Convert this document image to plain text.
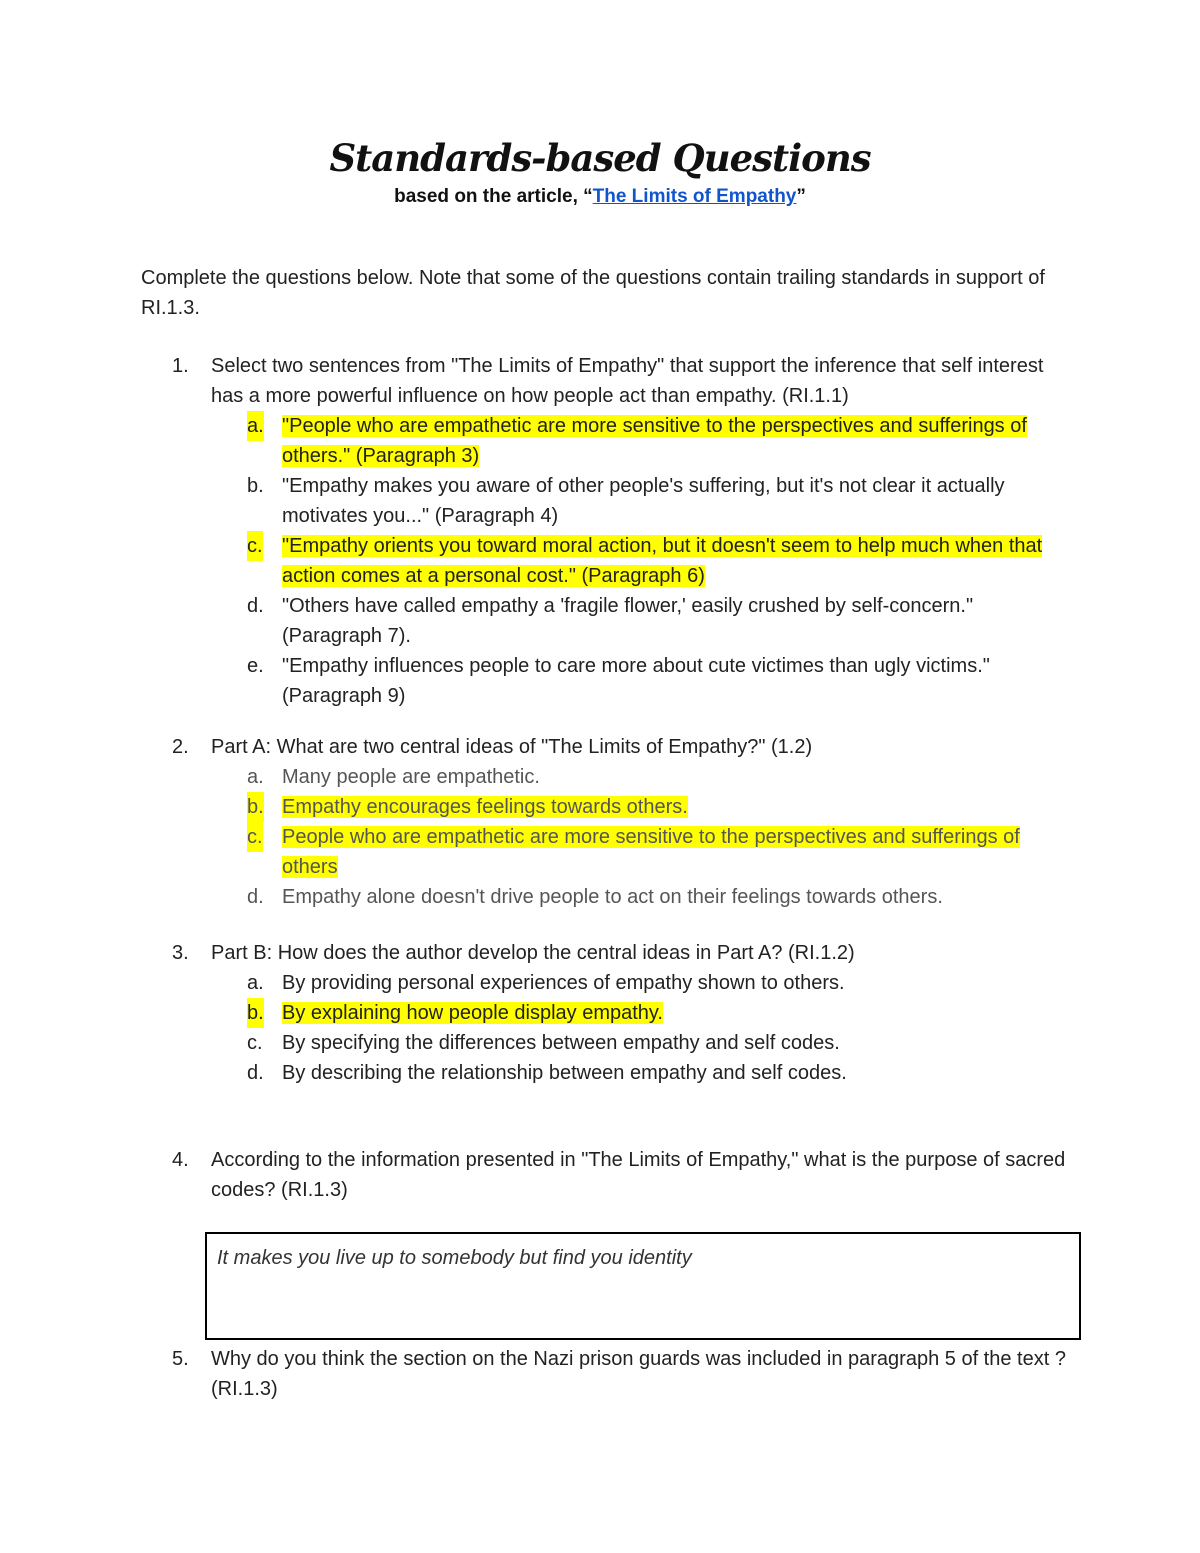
Standards-based Questions
based on the article, “The Limits of Empathy”
Complete the questions below. Note that some of the questions contain trailing standards in support of RI.1.3.
1. Select two sentences from "The Limits of Empathy" that support the inference that self interest has a more powerful influence on how people act than empathy. (RI.1.1)
a. "People who are empathetic are more sensitive to the perspectives and sufferings of others." (Paragraph 3)
b. "Empathy makes you aware of other people's suffering, but it's not clear it actually motivates you..." (Paragraph 4)
c. "Empathy orients you toward moral action, but it doesn't seem to help much when that action comes at a personal cost." (Paragraph 6)
d. "Others have called empathy a 'fragile flower,' easily crushed by self-concern." (Paragraph 7).
e. "Empathy influences people to care more about cute victimes than ugly victims." (Paragraph 9)
2. Part A: What are two central ideas of "The Limits of Empathy?" (1.2)
a. Many people are empathetic.
b. Empathy encourages feelings towards others.
c. People who are empathetic are more sensitive to the perspectives and sufferings of others
d. Empathy alone doesn't drive people to act on their feelings towards others.
3. Part B: How does the author develop the central ideas in Part A? (RI.1.2)
a. By providing personal experiences of empathy shown to others.
b. By explaining how people display empathy.
c. By specifying the differences between empathy and self codes.
d. By describing the relationship between empathy and self codes.
4. According to the information presented in "The Limits of Empathy," what is the purpose of sacred codes? (RI.1.3)
It makes you live up to somebody but find you identity
5. Why do you think the section on the Nazi prison guards was included in paragraph 5 of the text ? (RI.1.3)
